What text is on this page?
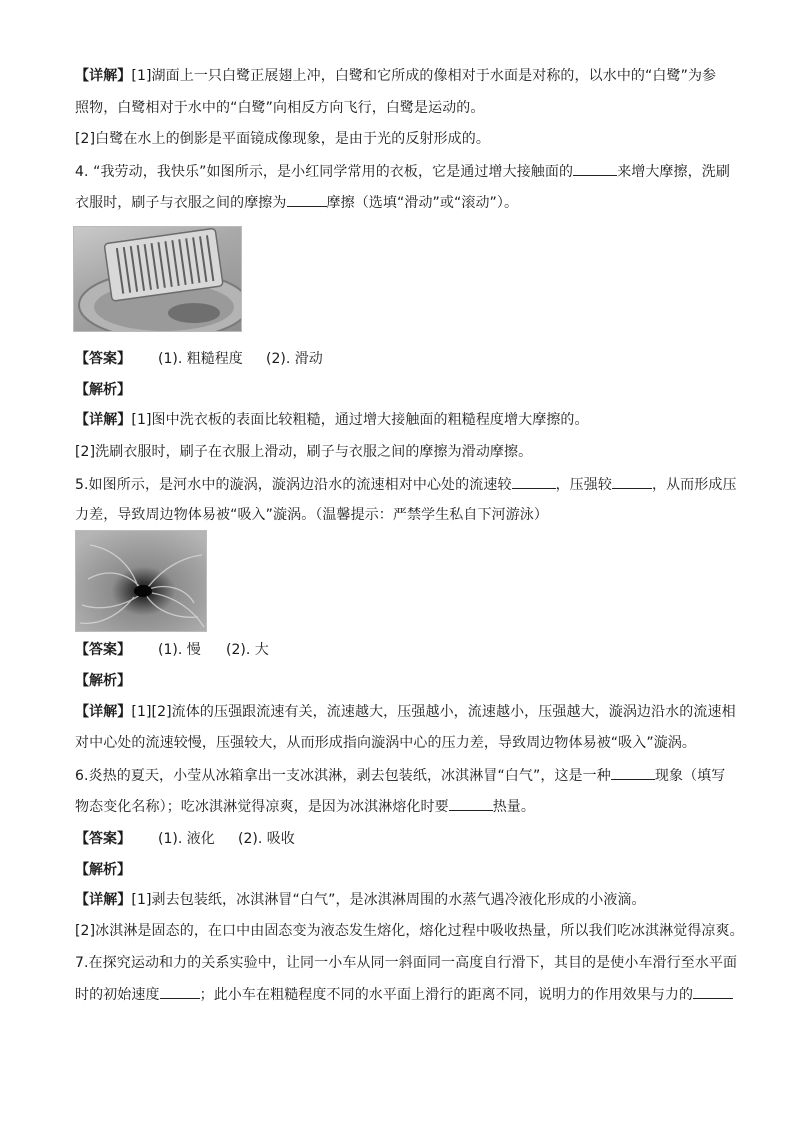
【详解】[1]湖面上一只白鹭正展翅上冲，白鹭和它所成的像相对于水面是对称的，以水中的“白鹭”为参
照物，白鹭相对于水中的“白鹭”向相反方向飞行，白鹭是运动的。
[2]白鹭在水上的倒影是平面镜成像现象，是由于光的反射形成的。
4. “我劳动，我快乐”如图所示，是小红同学常用的衣板，它是通过增大接触面的	来增大摩擦，洗刷
衣服时，刷子与衣服之间的摩擦为	摩擦（选填“滑动”或“滚动”）。
【答案】 (1). 粗糙程度 (2). 滑动
【解析】
【详解】[1]图中洗衣板的表面比较粗糙，通过增大接触面的粗糙程度增大摩擦的。
[2]洗刷衣服时，刷子在衣服上滑动，刷子与衣服之间的摩擦为滑动摩擦。
5.如图所示，是河水中的漩涡，漩涡边沿水的流速相对中心处的流速较	，压强较	，从而形成压
力差，导致周边物体易被“吸入”漩涡。（温馨提示：严禁学生私自下河游泳）
【答案】 (1). 慢 (2). 大
【解析】
【详解】[1][2]流体的压强跟流速有关，流速越大，压强越小，流速越小，压强越大，漩涡边沿水的流速相
对中心处的流速较慢，压强较大，从而形成指向漩涡中心的压力差，导致周边物体易被“吸入”漩涡。
6.炎热的夏天，小莹从冰箱拿出一支冰淇淋，剥去包装纸，冰淇淋冒“白气”，这是一种	现象（填写
物态变化名称）；吃冰淇淋觉得凉爽，是因为冰淇淋熔化时要	热量。
【答案】 (1). 液化 (2). 吸收
【解析】
【详解】[1]剥去包装纸，冰淇淋冒“白气”，是冰淇淋周围的水蒸气遇冷液化形成的小液滴。
[2]冰淇淋是固态的，在口中由固态变为液态发生熔化，熔化过程中吸收热量，所以我们吃冰淇淋觉得凉爽。
7.在探究运动和力的关系实验中，让同一小车从同一斜面同一高度自行滑下，其目的是使小车滑行至水平面
时的初始速度	；此小车在粗糙程度不同的水平面上滑行的距离不同，说明力的作用效果与力的
